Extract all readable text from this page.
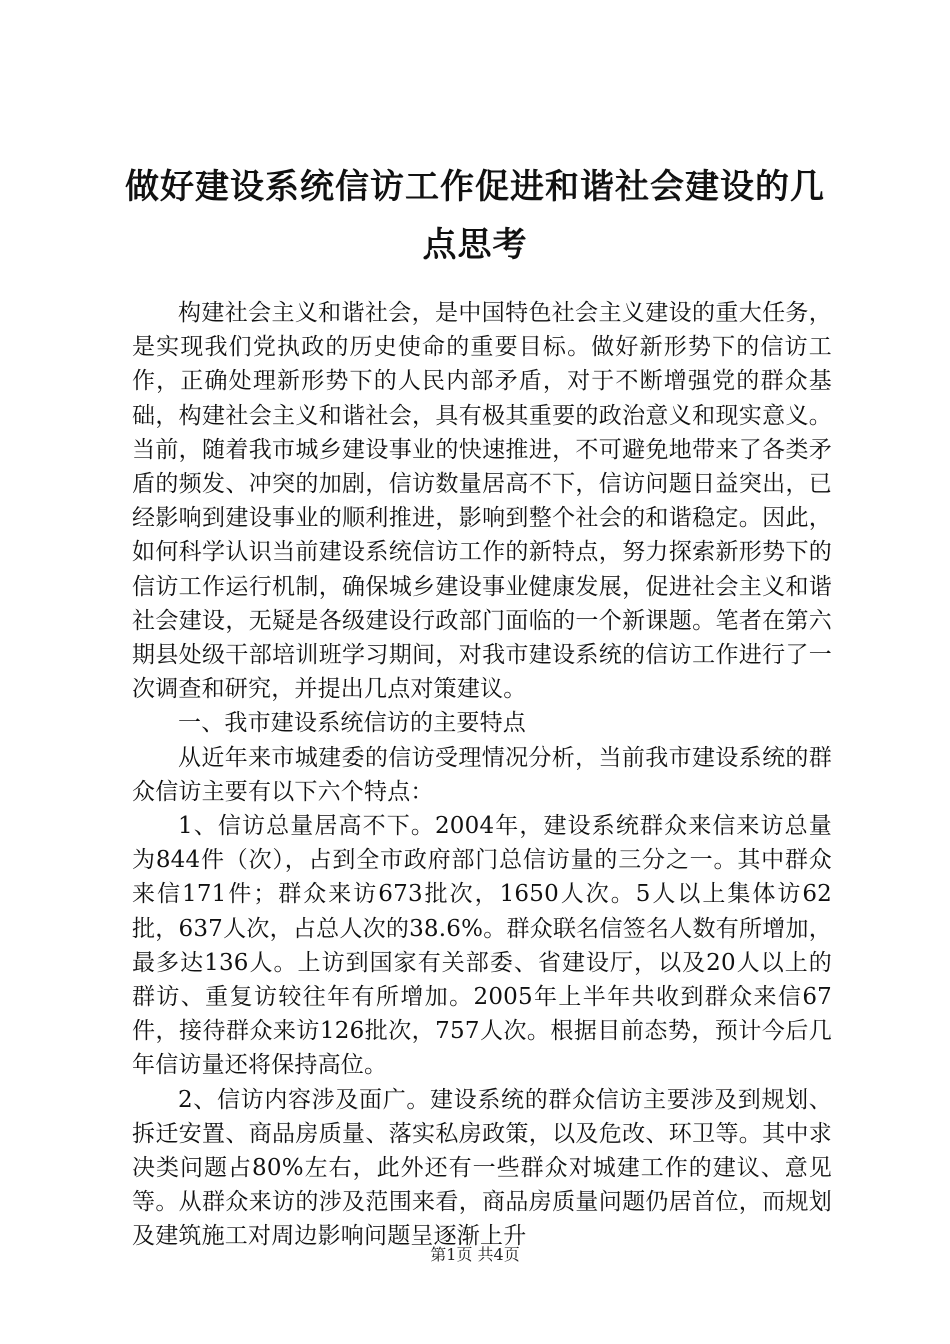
做好建设系统信访工作促进和谐社会建设的几点思考

构建社会主义和谐社会，是中国特色社会主义建设的重大任务，是实现我们党执政的历史使命的重要目标。做好新形势下的信访工作，正确处理新形势下的人民内部矛盾，对于不断增强党的群众基础，构建社会主义和谐社会，具有极其重要的政治意义和现实意义。当前，随着我市城乡建设事业的快速推进，不可避免地带来了各类矛盾的频发、冲突的加剧，信访数量居高不下，信访问题日益突出，已经影响到建设事业的顺利推进，影响到整个社会的和谐稳定。因此，如何科学认识当前建设系统信访工作的新特点，努力探索新形势下的信访工作运行机制，确保城乡建设事业健康发展，促进社会主义和谐社会建设，无疑是各级建设行政部门面临的一个新课题。笔者在第六期县处级干部培训班学习期间，对我市建设系统的信访工作进行了一次调查和研究，并提出几点对策建议。

一、我市建设系统信访的主要特点

从近年来市城建委的信访受理情况分析，当前我市建设系统的群众信访主要有以下六个特点：

1、信访总量居高不下。2004年，建设系统群众来信来访总量为844件（次），占到全市政府部门总信访量的三分之一。其中群众来信171件；群众来访673批次，1650人次。5人以上集体访62批，637人次，占总人次的38.6%。群众联名信签名人数有所增加，最多达136人。上访到国家有关部委、省建设厅，以及20人以上的群访、重复访较往年有所增加。2005年上半年共收到群众来信67件，接待群众来访126批次，757人次。根据目前态势，预计今后几年信访量还将保持高位。

2、信访内容涉及面广。建设系统的群众信访主要涉及到规划、拆迁安置、商品房质量、落实私房政策，以及危改、环卫等。其中求决类问题占80%左右，此外还有一些群众对城建工作的建议、意见等。从群众来访的涉及范围来看，商品房质量问题仍居首位，而规划及建筑施工对周边影响问题呈逐渐上升

第1页 共4页
